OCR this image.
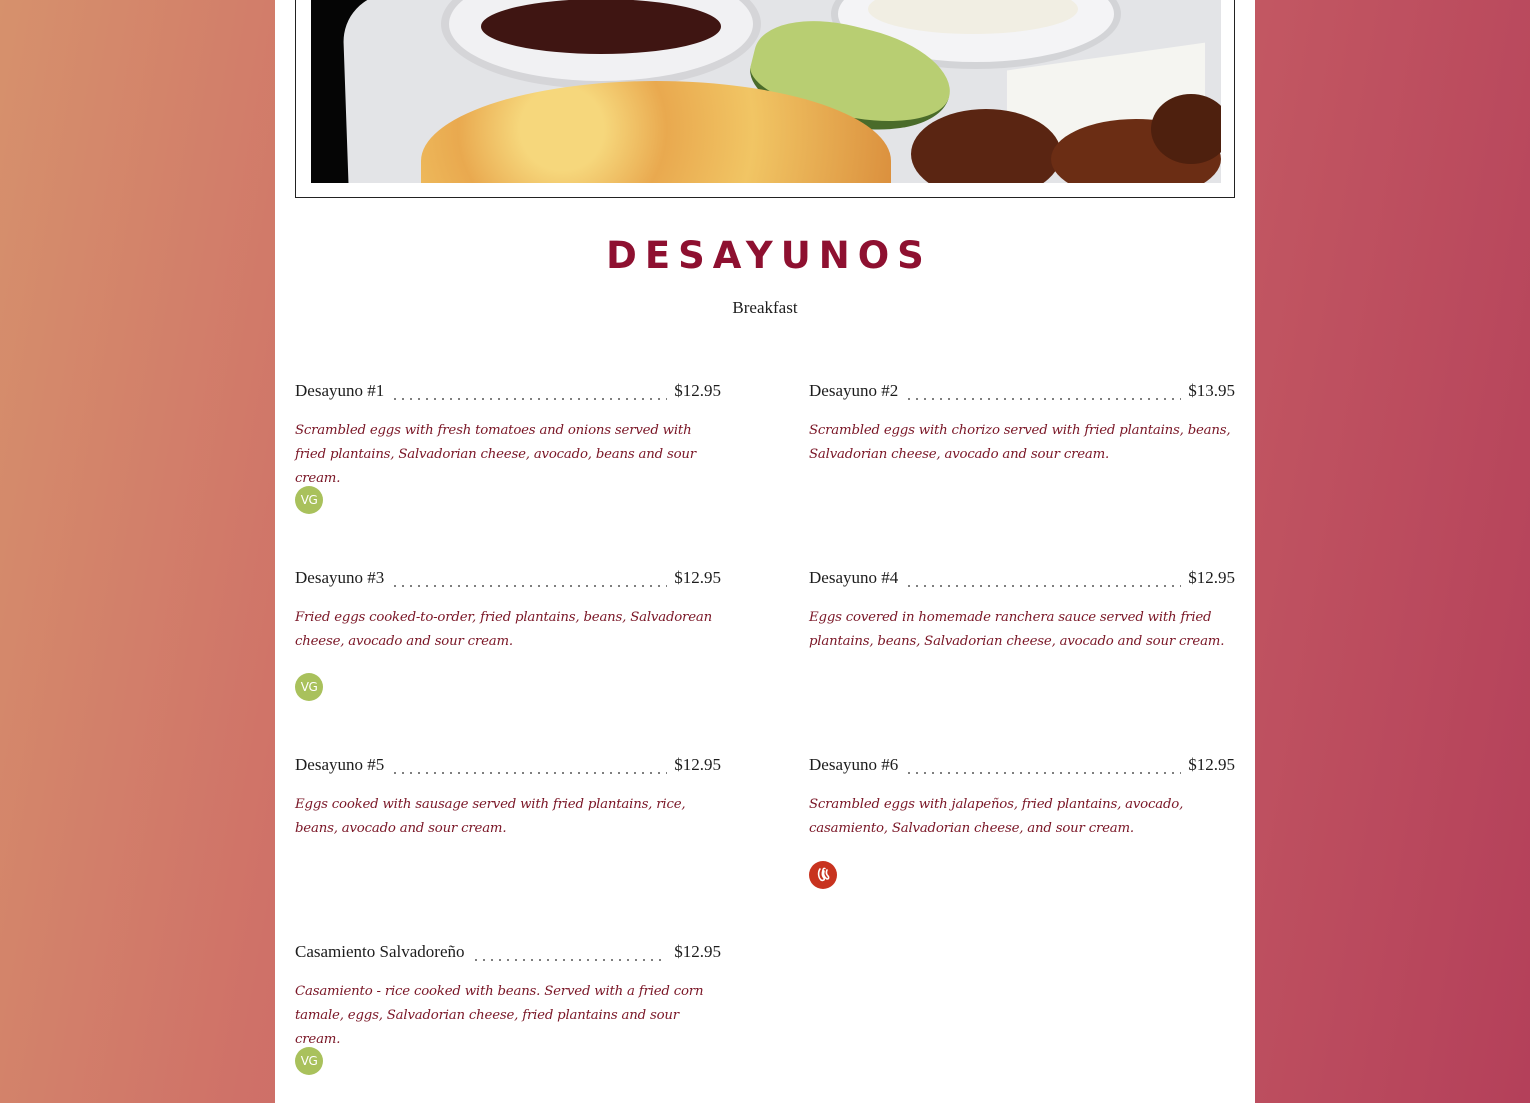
DESAYUNOS
Breakfast
Desayuno #1	$12.95
Scrambled eggs with fresh tomatoes and onions served with fried plantains, Salvadorian cheese, avocado, beans and sour cream.
VG
Desayuno #2	$13.95
Scrambled eggs with chorizo served with fried plantains, beans, Salvadorian cheese, avocado and sour cream.
Desayuno #3	$12.95
Fried eggs cooked-to-order, fried plantains, beans, Salvadorean cheese, avocado and sour cream.
VG
Desayuno #4	$12.95
Eggs covered in homemade ranchera sauce served with fried plantains, beans, Salvadorian cheese, avocado and sour cream.
Desayuno #5	$12.95
Eggs cooked with sausage served with fried plantains, rice, beans, avocado and sour cream.
Desayuno #6	$12.95
Scrambled eggs with jalapeños, fried plantains, avocado, casamiento, Salvadorian cheese, and sour cream.
Casamiento Salvadoreño	$12.95
Casamiento - rice cooked with beans. Served with a fried corn tamale, eggs, Salvadorian cheese, fried plantains and sour cream.
VG
